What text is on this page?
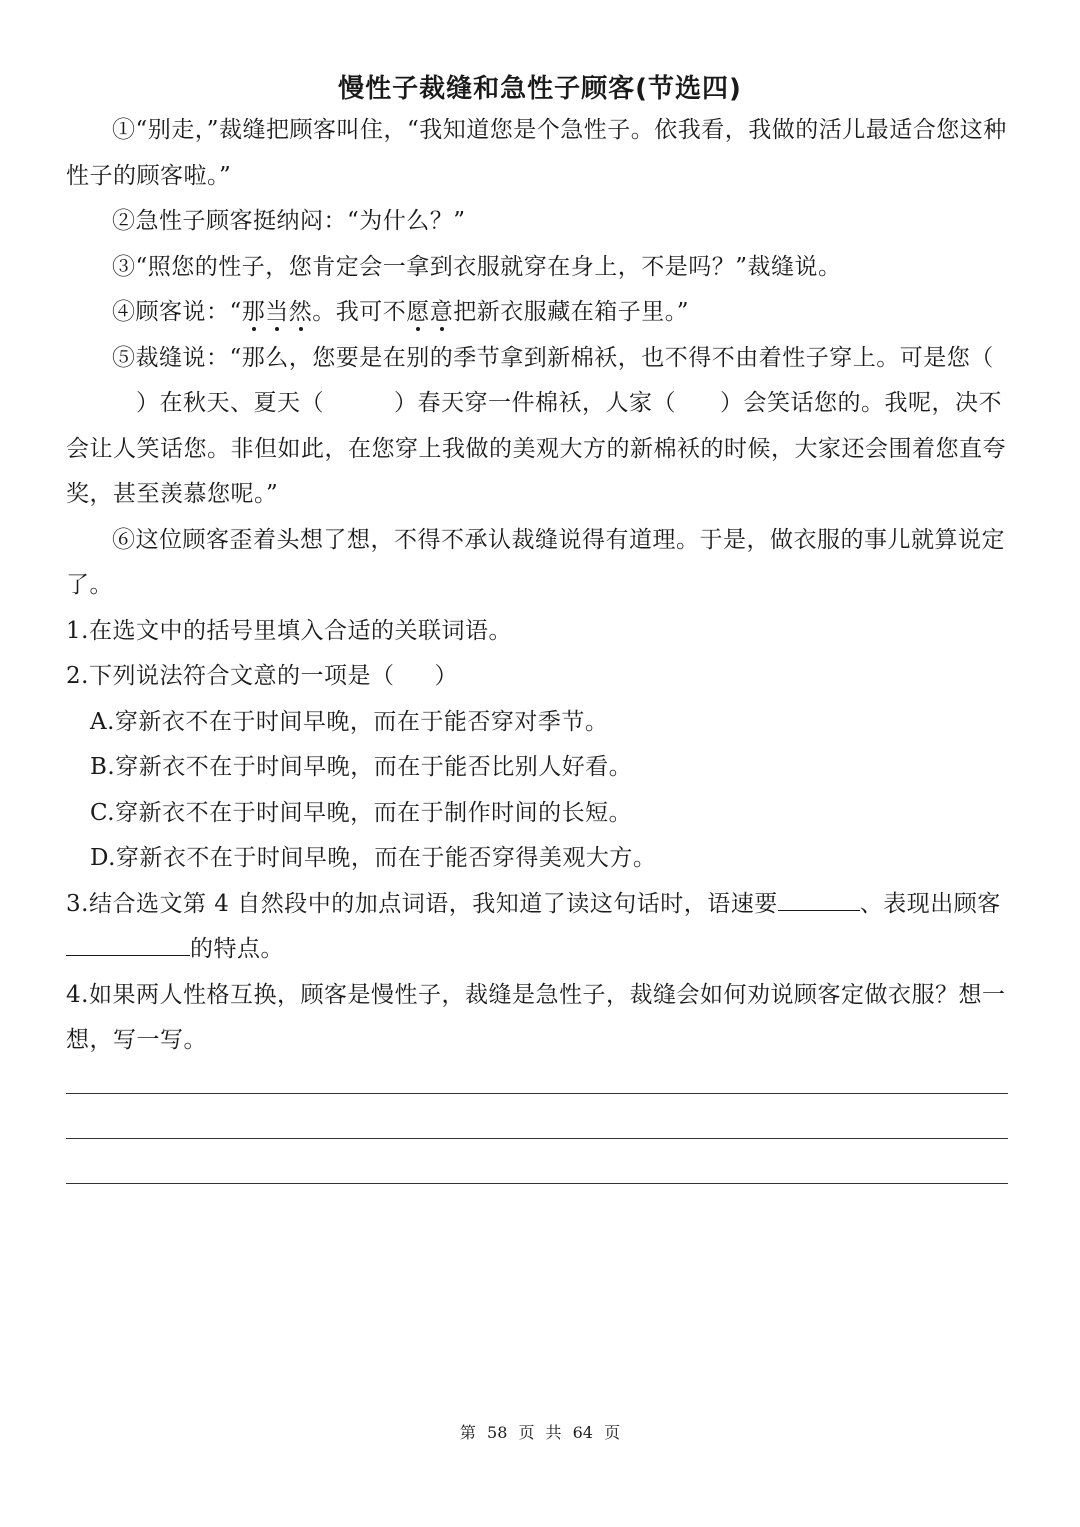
慢性子裁缝和急性子顾客(节选四)

①“别走，”裁缝把顾客叫住，“我知道您是个急性子。依我看，我做的活儿最适合您这种性子的顾客啦。”

②急性子顾客挺纳闷：“为什么？”

③“照您的性子，您肯定会一拿到衣服就穿在身上，不是吗？”裁缝说。

④顾客说：“那当然。我可不愿意把新衣服藏在箱子里。”

⑤裁缝说：“那么，您要是在别的季节拿到新棉袄，也不得不由着性子穿上。可是您（）在秋天、夏天（	）春天穿一件棉袄，人家（ ）会笑话您的。我呢，决不会让人笑话您。非但如此，在您穿上我做的美观大方的新棉袄的时候，大家还会围着您直夸奖，甚至羡慕您呢。”

⑥这位顾客歪着头想了想，不得不承认裁缝说得有道理。于是，做衣服的事儿就算说定了。

1.在选文中的括号里填入合适的关联词语。

2.下列说法符合文意的一项是（ ）

A.穿新衣不在于时间早晚，而在于能否穿对季节。

B.穿新衣不在于时间早晚，而在于能否比别人好看。

C.穿新衣不在于时间早晚，而在于制作时间的长短。

D.穿新衣不在于时间早晚，而在于能否穿得美观大方。

3.结合选文第 4 自然段中的加点词语，我知道了读这句话时，语速要	、表现出顾客的特点。

4.如果两人性格互换，顾客是慢性子，裁缝是急性子，裁缝会如何劝说顾客定做衣服？想一想，写一写。

第 58 页 共 64 页
